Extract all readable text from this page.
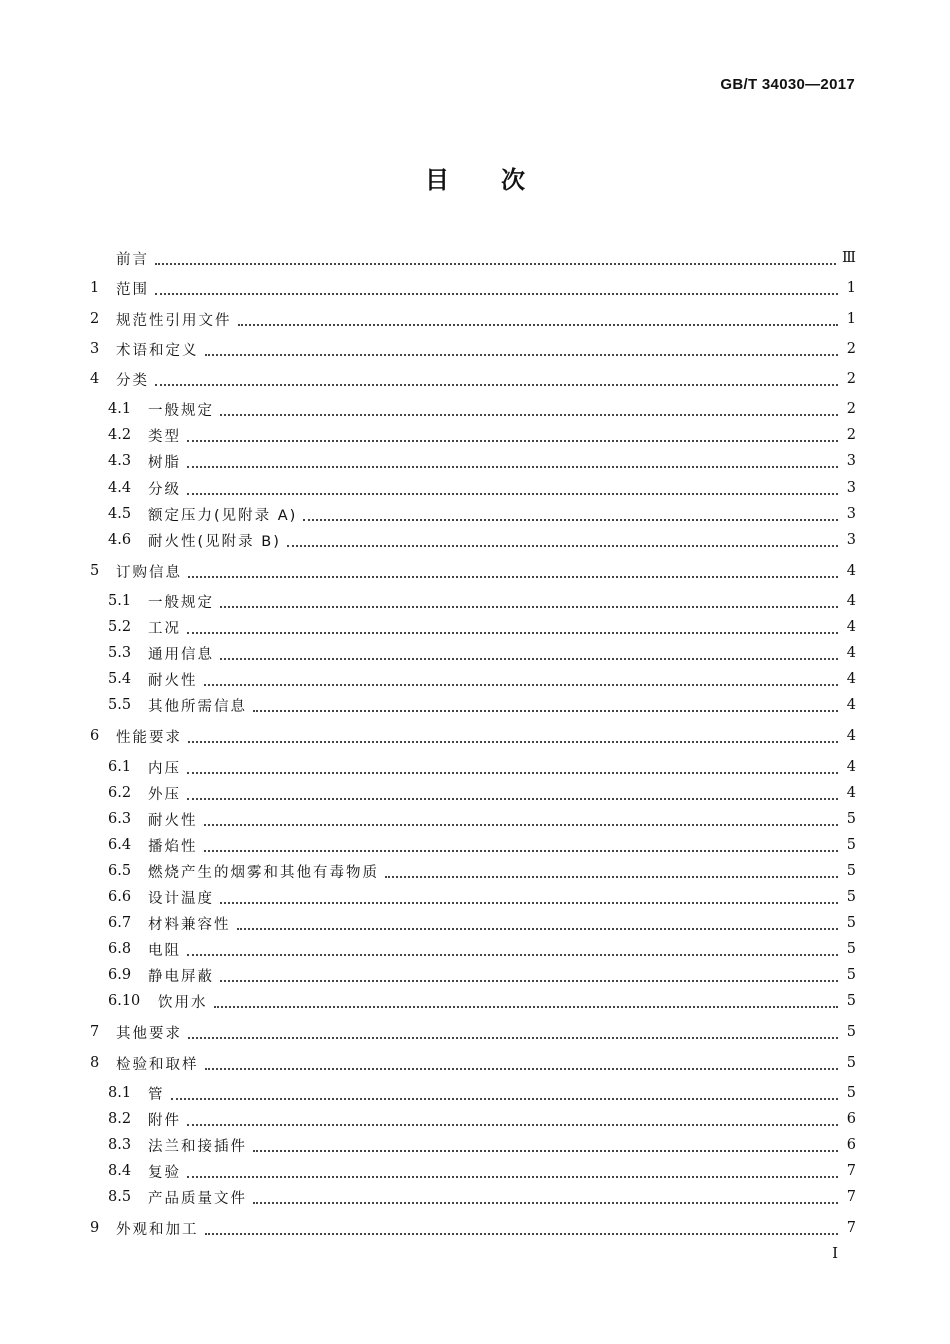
GB/T 34030—2017
目次
前言	Ⅲ
1	范围	1
2	规范性引用文件	1
3	术语和定义	2
4	分类	2
4.1	一般规定	2
4.2	类型	2
4.3	树脂	3
4.4	分级	3
4.5	额定压力(见附录 A)	3
4.6	耐火性(见附录 B)	3
5	订购信息	4
5.1	一般规定	4
5.2	工况	4
5.3	通用信息	4
5.4	耐火性	4
5.5	其他所需信息	4
6	性能要求	4
6.1	内压	4
6.2	外压	4
6.3	耐火性	5
6.4	播焰性	5
6.5	燃烧产生的烟雾和其他有毒物质	5
6.6	设计温度	5
6.7	材料兼容性	5
6.8	电阻	5
6.9	静电屏蔽	5
6.10	饮用水	5
7	其他要求	5
8	检验和取样	5
8.1	管	5
8.2	附件	6
8.3	法兰和接插件	6
8.4	复验	7
8.5	产品质量文件	7
9	外观和加工	7
I
